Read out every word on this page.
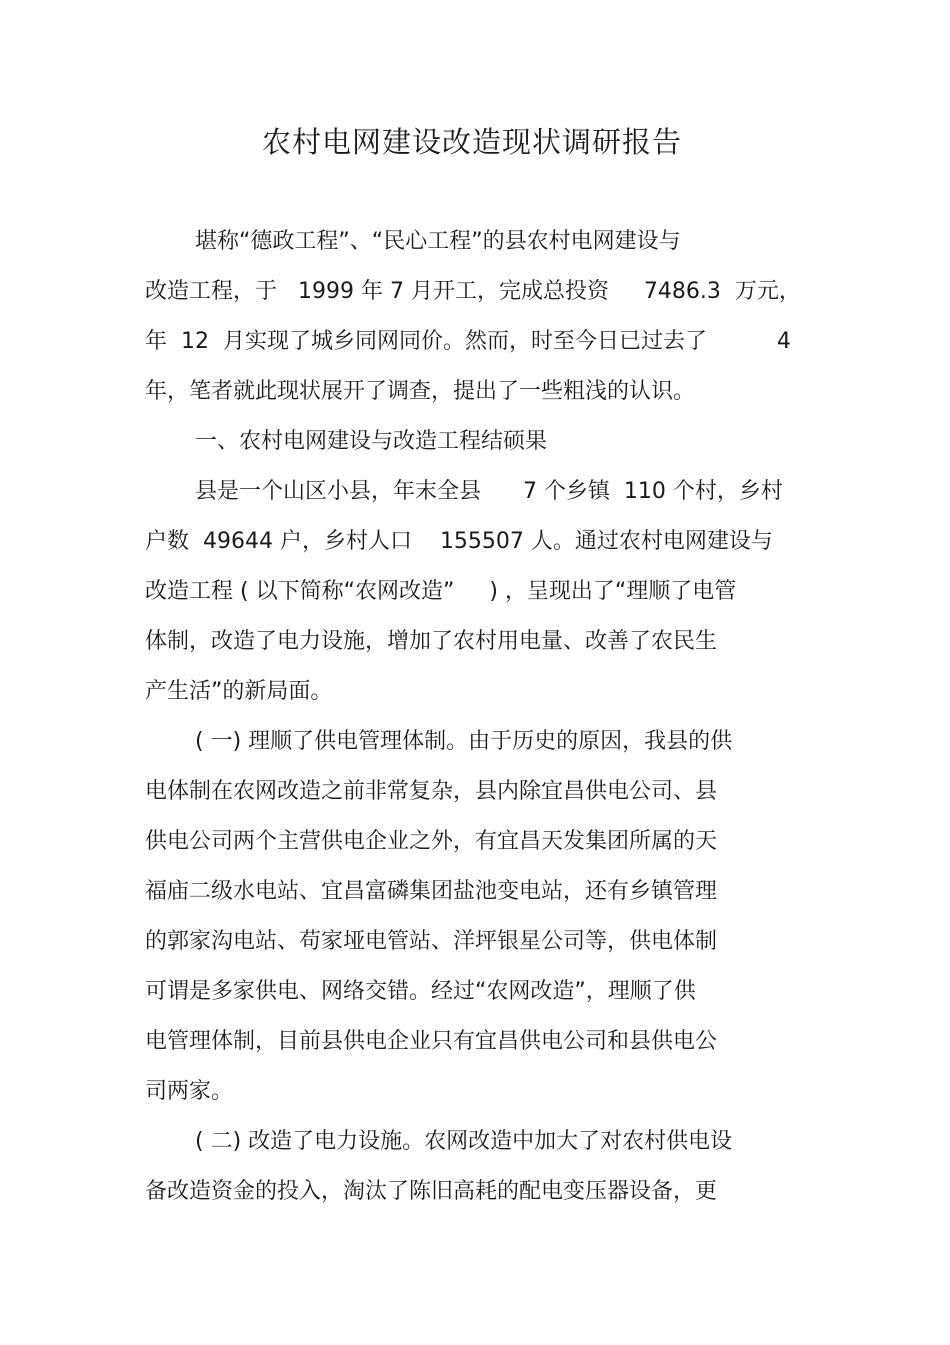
农村电网建设改造现状调研报告
堪称“德政工程”、“民心工程”的县农村电网建设与
改造工程，于   1999 年 7 月开工，完成总投资     7486.3  万元，
年  12  月实现了城乡同网同价。然而，时至今日已过去了          4
年，笔者就此现状展开了调查，提出了一些粗浅的认识。
一、农村电网建设与改造工程结硕果
县是一个山区小县，年末全县      7 个乡镇  110 个村，乡村
户数  49644 户，乡村人口    155507 人。通过农村电网建设与
改造工程 ( 以下简称“农网改造”     ) ，呈现出了“理顺了电管
体制，改造了电力设施，增加了农村用电量、改善了农民生
产生活”的新局面。
( 一) 理顺了供电管理体制。由于历史的原因，我县的供
电体制在农网改造之前非常复杂，县内除宜昌供电公司、县
供电公司两个主营供电企业之外，有宜昌天发集团所属的天
福庙二级水电站、宜昌富磷集团盐池变电站，还有乡镇管理
的郭家沟电站、苟家垭电管站、洋坪银星公司等，供电体制
可谓是多家供电、网络交错。经过“农网改造”，理顺了供
电管理体制，目前县供电企业只有宜昌供电公司和县供电公
司两家。
( 二) 改造了电力设施。农网改造中加大了对农村供电设
备改造资金的投入，淘汰了陈旧高耗的配电变压器设备，更
